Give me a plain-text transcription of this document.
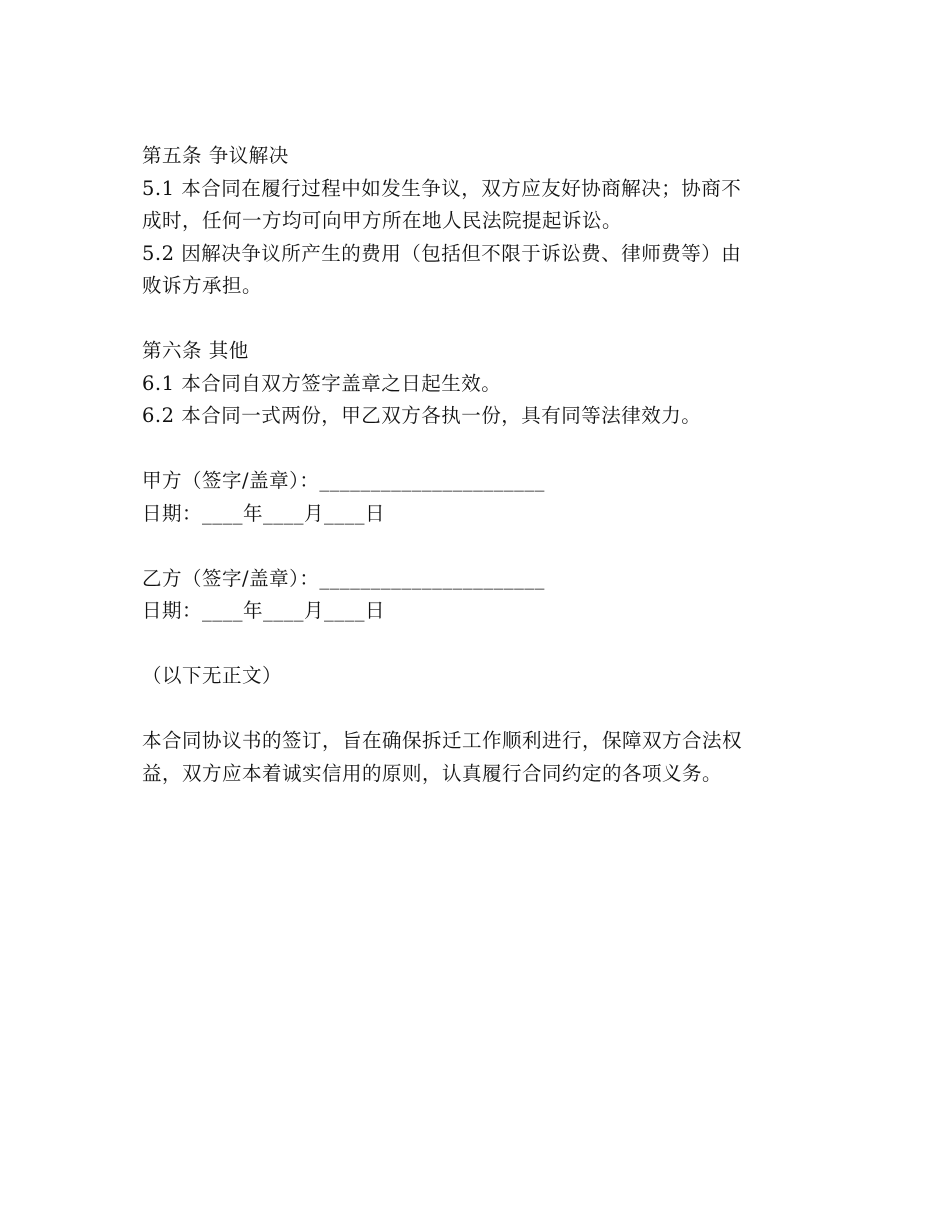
第五条 争议解决

5.1 本合同在履行过程中如发生争议，双方应友好协商解决；协商不

成时，任何一方均可向甲方所在地人民法院提起诉讼。

5.2 因解决争议所产生的费用（包括但不限于诉讼费、律师费等）由

败诉方承担。

第六条 其他

6.1 本合同自双方签字盖章之日起生效。

6.2 本合同一式两份，甲乙双方各执一份，具有同等法律效力。

甲方（签字/盖章）：______________________

日期：____年____月____日

乙方（签字/盖章）：______________________

日期：____年____月____日

（以下无正文）

本合同协议书的签订，旨在确保拆迁工作顺利进行，保障双方合法权

益，双方应本着诚实信用的原则，认真履行合同约定的各项义务。
